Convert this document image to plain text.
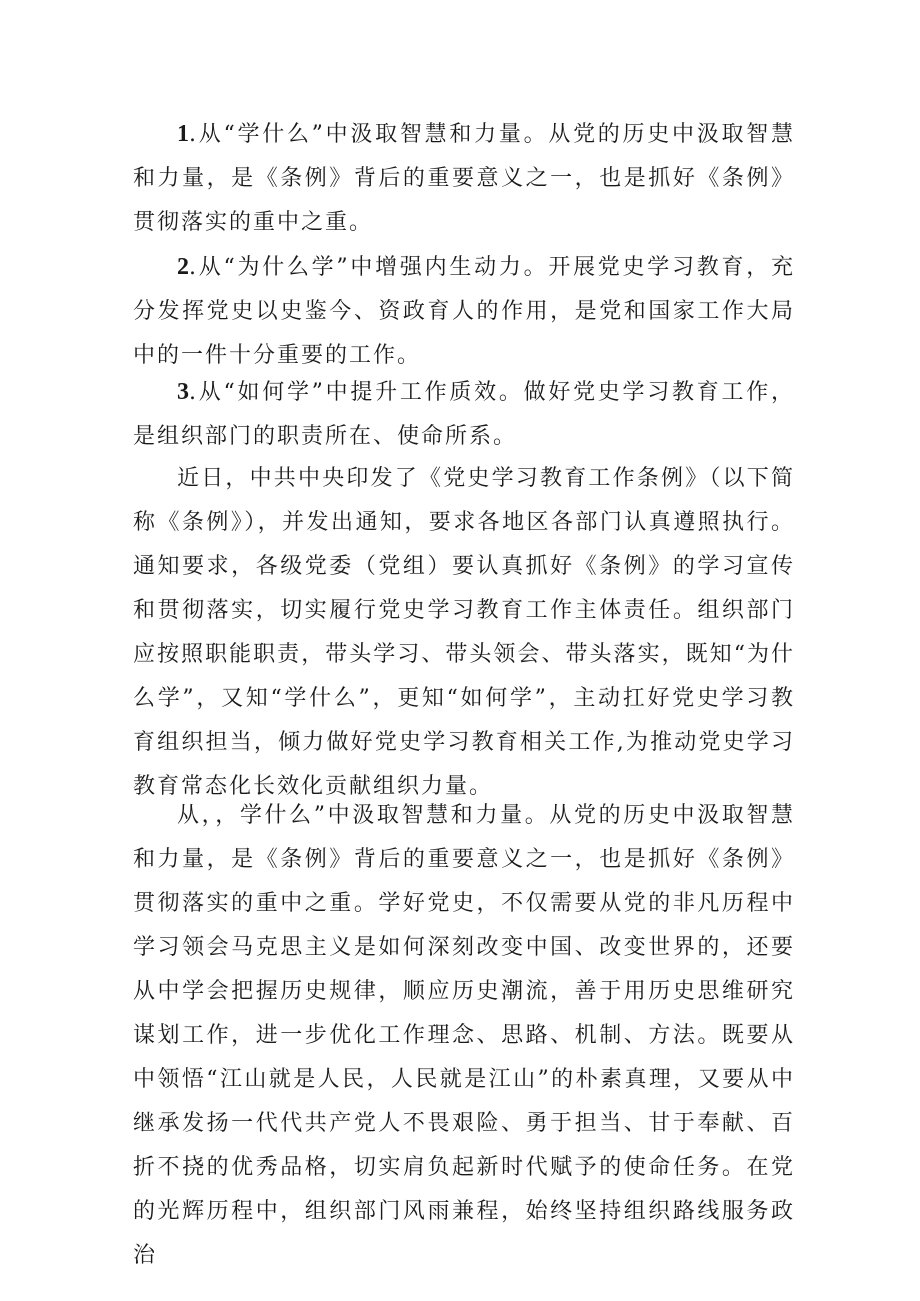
1.从“学什么”中汲取智慧和力量。从党的历史中汲取智慧和力量，是《条例》背后的重要意义之一，也是抓好《条例》贯彻落实的重中之重。

2.从“为什么学”中增强内生动力。开展党史学习教育，充分发挥党史以史鉴今、资政育人的作用，是党和国家工作大局中的一件十分重要的工作。

3.从“如何学”中提升工作质效。做好党史学习教育工作，是组织部门的职责所在、使命所系。

近日，中共中央印发了《党史学习教育工作条例》（以下简称《条例》），并发出通知，要求各地区各部门认真遵照执行。通知要求，各级党委（党组）要认真抓好《条例》的学习宣传和贯彻落实，切实履行党史学习教育工作主体责任。组织部门应按照职能职责，带头学习、带头领会、带头落实，既知“为什么学”，又知“学什么”，更知“如何学”，主动扛好党史学习教育组织担当，倾力做好党史学习教育相关工作,为推动党史学习教育常态化长效化贡献组织力量。

从，，学什么”中汲取智慧和力量。从党的历史中汲取智慧和力量，是《条例》背后的重要意义之一，也是抓好《条例》贯彻落实的重中之重。学好党史，不仅需要从党的非凡历程中学习领会马克思主义是如何深刻改变中国、改变世界的，还要从中学会把握历史规律，顺应历史潮流，善于用历史思维研究谋划工作，进一步优化工作理念、思路、机制、方法。既要从中领悟“江山就是人民，人民就是江山”的朴素真理，又要从中继承发扬一代代共产党人不畏艰险、勇于担当、甘于奉献、百折不挠的优秀品格，切实肩负起新时代赋予的使命任务。在党的光辉历程中，组织部门风雨兼程，始终坚持组织路线服务政治
